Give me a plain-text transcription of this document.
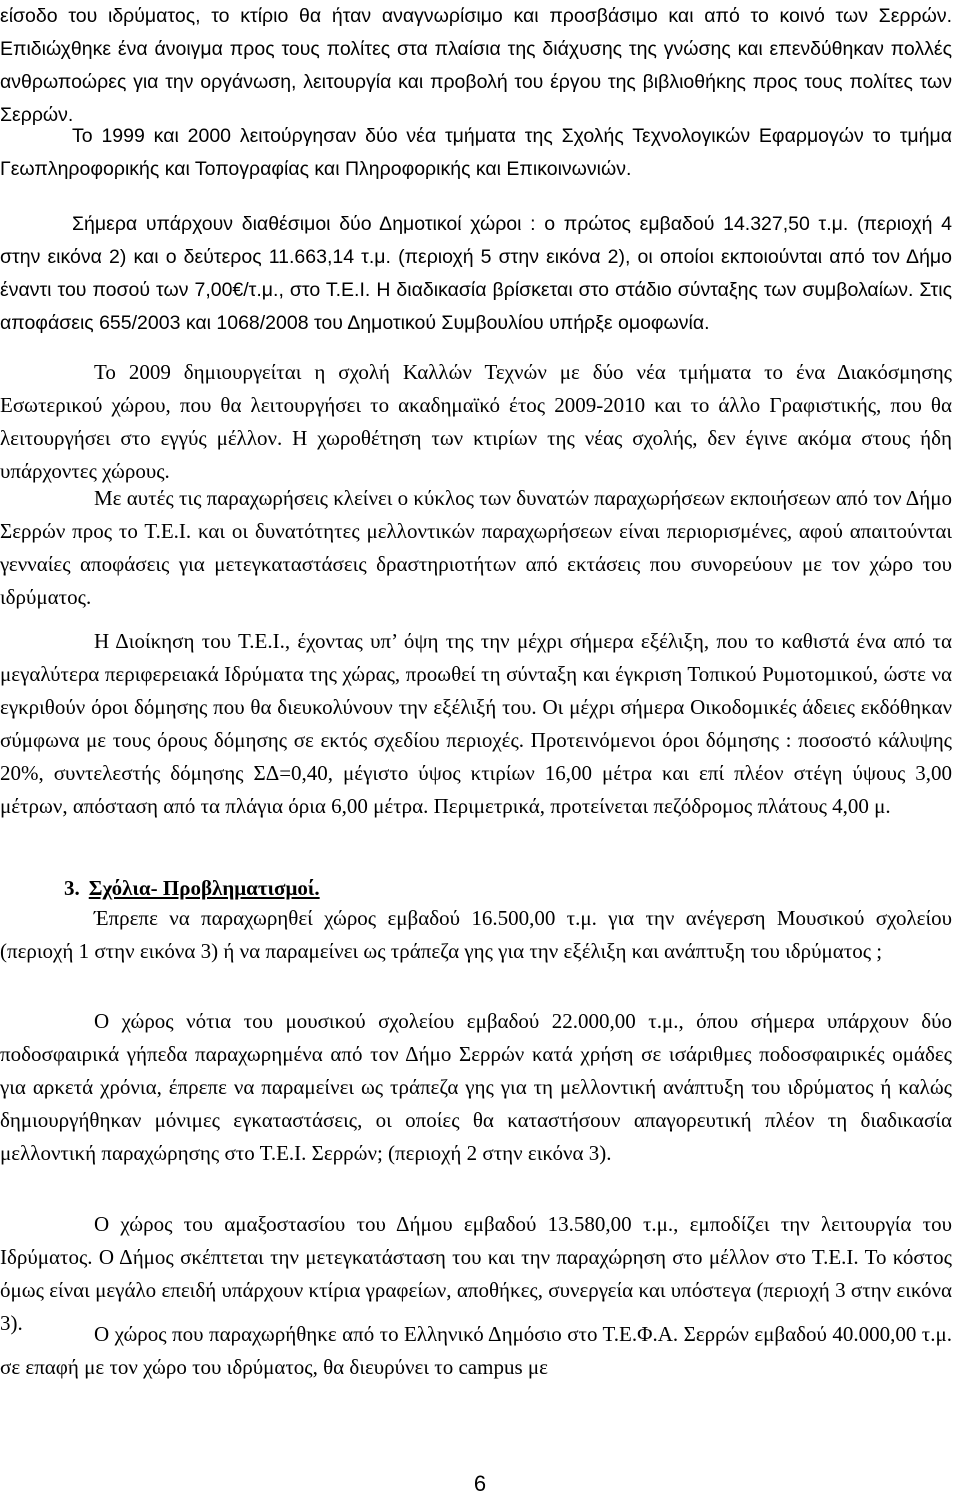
είσοδο του ιδρύματος, το κτίριο θα ήταν αναγνωρίσιμο και προσβάσιμο και από το κοινό των Σερρών. Επιδιώχθηκε ένα άνοιγμα προς τους πολίτες στα πλαίσια της διάχυσης της γνώσης και επενδύθηκαν πολλές ανθρωποώρες για την οργάνωση, λειτουργία και προβολή του έργου της βιβλιοθήκης προς τους πολίτες των Σερρών.

Το 1999 και 2000 λειτούργησαν δύο νέα τμήματα της Σχολής Τεχνολογικών Εφαρμογών το τμήμα Γεωπληροφορικής και Τοπογραφίας και Πληροφορικής και Επικοινωνιών.

Σήμερα υπάρχουν διαθέσιμοι δύο Δημοτικοί χώροι : ο πρώτος εμβαδού 14.327,50 τ.μ. (περιοχή 4 στην εικόνα 2) και ο δεύτερος 11.663,14 τ.μ. (περιοχή 5 στην εικόνα 2), οι οποίοι εκποιούνται από τον Δήμο έναντι του ποσού των 7,00€/τ.μ., στο Τ.Ε.Ι. Η διαδικασία βρίσκεται στο στάδιο σύνταξης των συμβολαίων. Στις αποφάσεις 655/2003 και 1068/2008 του Δημοτικού Συμβουλίου υπήρξε ομοφωνία.

Το 2009 δημιουργείται η σχολή Καλλών Τεχνών με δύο νέα τμήματα το ένα Διακόσμησης Εσωτερικού χώρου, που θα λειτουργήσει το ακαδημαϊκό έτος 2009-2010 και το άλλο Γραφιστικής, που θα λειτουργήσει στο εγγύς μέλλον. Η χωροθέτηση των κτιρίων της νέας σχολής, δεν έγινε ακόμα στους ήδη υπάρχοντες χώρους.

Με αυτές τις παραχωρήσεις κλείνει ο κύκλος των δυνατών παραχωρήσεων εκποιήσεων από τον Δήμο Σερρών προς το Τ.Ε.Ι. και οι δυνατότητες μελλοντικών παραχωρήσεων είναι περιορισμένες, αφού απαιτούνται γενναίες αποφάσεις για μετεγκαταστάσεις δραστηριοτήτων από εκτάσεις που συνορεύουν με τον χώρο του ιδρύματος.

Η Διοίκηση του Τ.Ε.Ι., έχοντας υπ’ όψη της την μέχρι σήμερα εξέλιξη, που το καθιστά ένα από τα μεγαλύτερα περιφερειακά Ιδρύματα της χώρας, προωθεί τη σύνταξη και έγκριση Τοπικού Ρυμοτομικού, ώστε να εγκριθούν όροι δόμησης που θα διευκολύνουν την εξέλιξή του. Οι μέχρι σήμερα Οικοδομικές άδειες εκδόθηκαν σύμφωνα με τους όρους δόμησης σε εκτός σχεδίου περιοχές. Προτεινόμενοι όροι δόμησης : ποσοστό κάλυψης 20%, συντελεστής δόμησης ΣΔ=0,40, μέγιστο ύψος κτιρίων 16,00 μέτρα και επί πλέον στέγη ύψους 3,00 μέτρων, απόσταση από τα πλάγια όρια 6,00 μέτρα. Περιμετρικά, προτείνεται πεζόδρομος πλάτους 4,00 μ.

3. Σχόλια- Προβληματισμοί.

Έπρεπε να παραχωρηθεί χώρος εμβαδού 16.500,00 τ.μ. για την ανέγερση Μουσικού σχολείου (περιοχή 1 στην εικόνα 3) ή να παραμείνει ως τράπεζα γης για την εξέλιξη και ανάπτυξη του ιδρύματος ;

Ο χώρος νότια του μουσικού σχολείου εμβαδού 22.000,00 τ.μ., όπου σήμερα υπάρχουν δύο ποδοσφαιρικά γήπεδα παραχωρημένα από τον Δήμο Σερρών κατά χρήση σε ισάριθμες ποδοσφαιρικές ομάδες για αρκετά χρόνια, έπρεπε να παραμείνει ως τράπεζα γης για τη μελλοντική ανάπτυξη του ιδρύματος ή καλώς δημιουργήθηκαν μόνιμες εγκαταστάσεις, οι οποίες θα καταστήσουν απαγορευτική πλέον τη διαδικασία μελλοντική παραχώρησης στο Τ.Ε.Ι. Σερρών; (περιοχή 2 στην εικόνα 3).

Ο χώρος του αμαξοστασίου του Δήμου εμβαδού 13.580,00 τ.μ., εμποδίζει την λειτουργία του Ιδρύματος. Ο Δήμος σκέπτεται την μετεγκατάσταση του και την παραχώρηση στο μέλλον στο Τ.Ε.Ι. Το κόστος όμως είναι μεγάλο επειδή υπάρχουν κτίρια γραφείων, αποθήκες, συνεργεία και υπόστεγα (περιοχή 3 στην εικόνα 3).	Ο χώρος που παραχωρήθηκε από το Ελληνικό Δημόσιο στο Τ.Ε.Φ.Α. Σερρών εμβαδού 40.000,00 τ.μ. σε επαφή με τον χώρο του ιδρύματος, θα διευρύνει το campus με

6
